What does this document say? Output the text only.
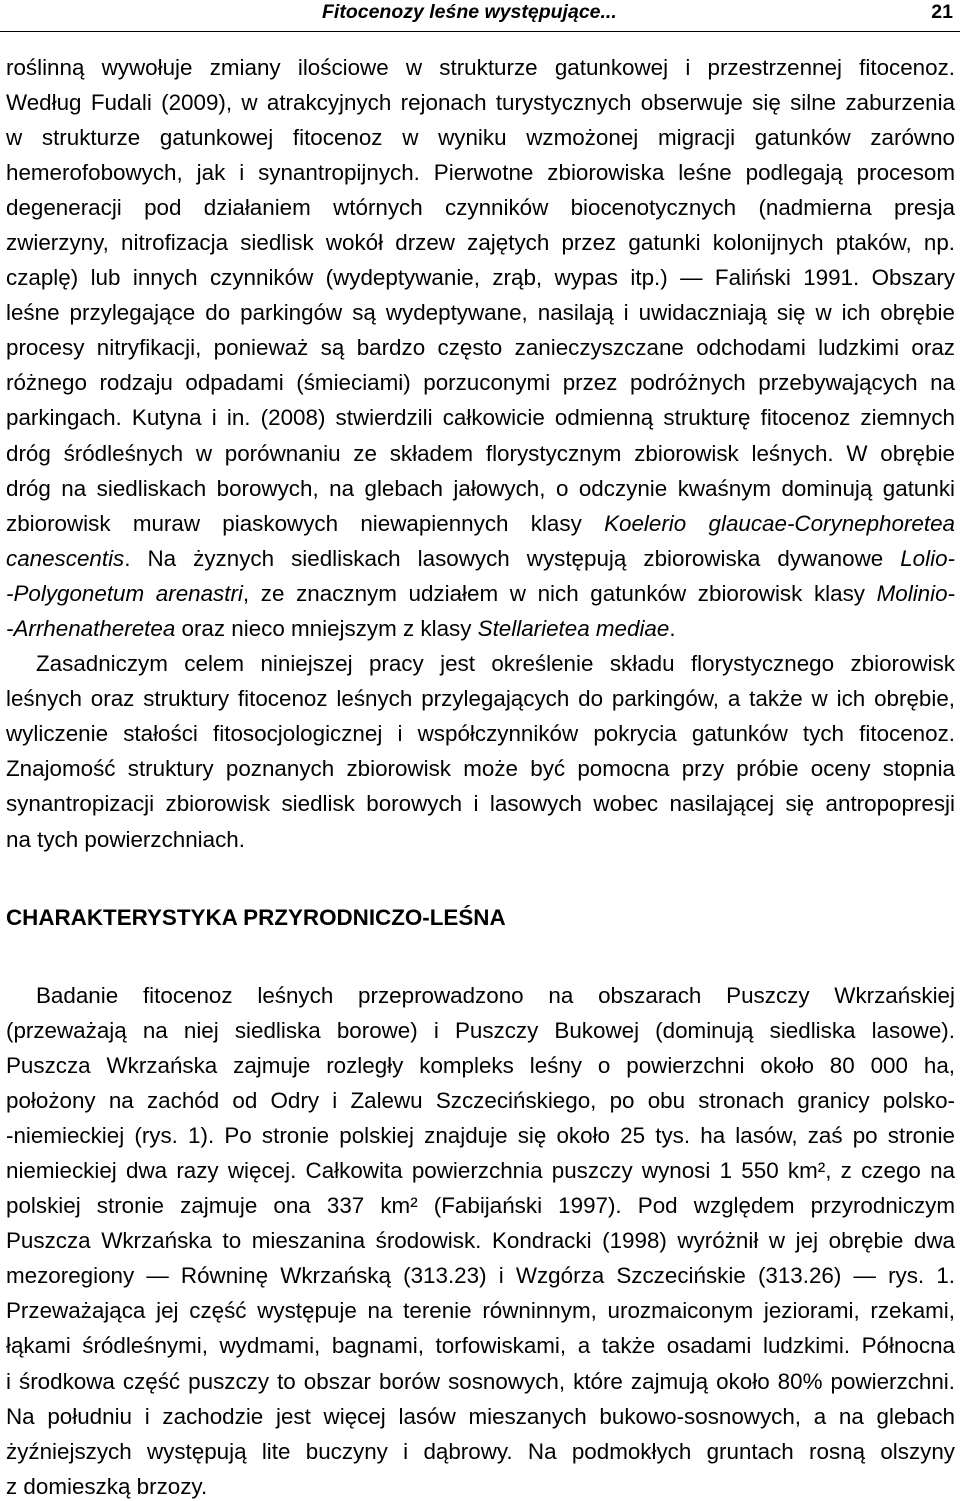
Fitocenozy leśne występujące...	21
roślinną wywołuje zmiany ilościowe w strukturze gatunkowej i przestrzennej fitocenoz.
Według Fudali (2009), w atrakcyjnych rejonach turystycznych obserwuje się silne zaburzenia
w strukturze gatunkowej fitocenoz w wyniku wzmożonej migracji gatunków zarówno
hemerofobowych, jak i synantropijnych. Pierwotne zbiorowiska leśne podlegają procesom
degeneracji pod działaniem wtórnych czynników biocenotycznych (nadmierna presja
zwierzyny, nitrofizacja siedlisk wokół drzew zajętych przez gatunki kolonijnych ptaków, np.
czaplę) lub innych czynników (wydeptywanie, zrąb, wypas itp.) — Faliński 1991. Obszary
leśne przylegające do parkingów są wydeptywane, nasilają i uwidaczniają się w ich obrębie
procesy nitryfikacji, ponieważ są bardzo często zanieczyszczane odchodami ludzkimi oraz
różnego rodzaju odpadami (śmieciami) porzuconymi przez podróżnych przebywających na
parkingach. Kutyna i in. (2008) stwierdzili całkowicie odmienną strukturę fitocenoz ziemnych
dróg śródleśnych w porównaniu ze składem florystycznym zbiorowisk leśnych. W obrębie
dróg na siedliskach borowych, na glebach jałowych, o odczynie kwaśnym dominują gatunki
zbiorowisk muraw piaskowych niewapiennych klasy Koelerio glaucae-Corynephoretea
canescentis. Na żyznych siedliskach lasowych występują zbiorowiska dywanowe Lolio-
-Polygonetum arenastri, ze znacznym udziałem w nich gatunków zbiorowisk klasy Molinio-
-Arrhenatheretea oraz nieco mniejszym z klasy Stellarietea mediae.
Zasadniczym celem niniejszej pracy jest określenie składu florystycznego zbiorowisk
leśnych oraz struktury fitocenoz leśnych przylegających do parkingów, a także w ich obrębie,
wyliczenie stałości fitosocjologicznej i współczynników pokrycia gatunków tych fitocenoz.
Znajomość struktury poznanych zbiorowisk może być pomocna przy próbie oceny stopnia
synantropizacji zbiorowisk siedlisk borowych i lasowych wobec nasilającej się antropopresji
na tych powierzchniach.
CHARAKTERYSTYKA PRZYRODNICZO-LEŚNA
Badanie fitocenoz leśnych przeprowadzono na obszarach Puszczy Wkrzańskiej
(przeważają na niej siedliska borowe) i Puszczy Bukowej (dominują siedliska lasowe).
Puszcza Wkrzańska zajmuje rozległy kompleks leśny o powierzchni około 80 000 ha,
położony na zachód od Odry i Zalewu Szczecińskiego, po obu stronach granicy polsko-
-niemieckiej (rys. 1). Po stronie polskiej znajduje się około 25 tys. ha lasów, zaś po stronie
niemieckiej dwa razy więcej. Całkowita powierzchnia puszczy wynosi 1 550 km², z czego na
polskiej stronie zajmuje ona 337 km² (Fabijański 1997). Pod względem przyrodniczym
Puszcza Wkrzańska to mieszanina środowisk. Kondracki (1998) wyróżnił w jej obrębie dwa
mezoregiony — Równinę Wkrzańską (313.23) i Wzgórza Szczecińskie (313.26) — rys. 1.
Przeważająca jej część występuje na terenie równinnym, urozmaiconym jeziorami, rzekami,
łąkami śródleśnymi, wydmami, bagnami, torfowiskami, a także osadami ludzkimi. Północna
i środkowa część puszczy to obszar borów sosnowych, które zajmują około 80% powierzchni.
Na południu i zachodzie jest więcej lasów mieszanych bukowo-sosnowych, a na glebach
żyźniejszych występują lite buczyny i dąbrowy. Na podmokłych gruntach rosną olszyny
z domieszką brzozy.
